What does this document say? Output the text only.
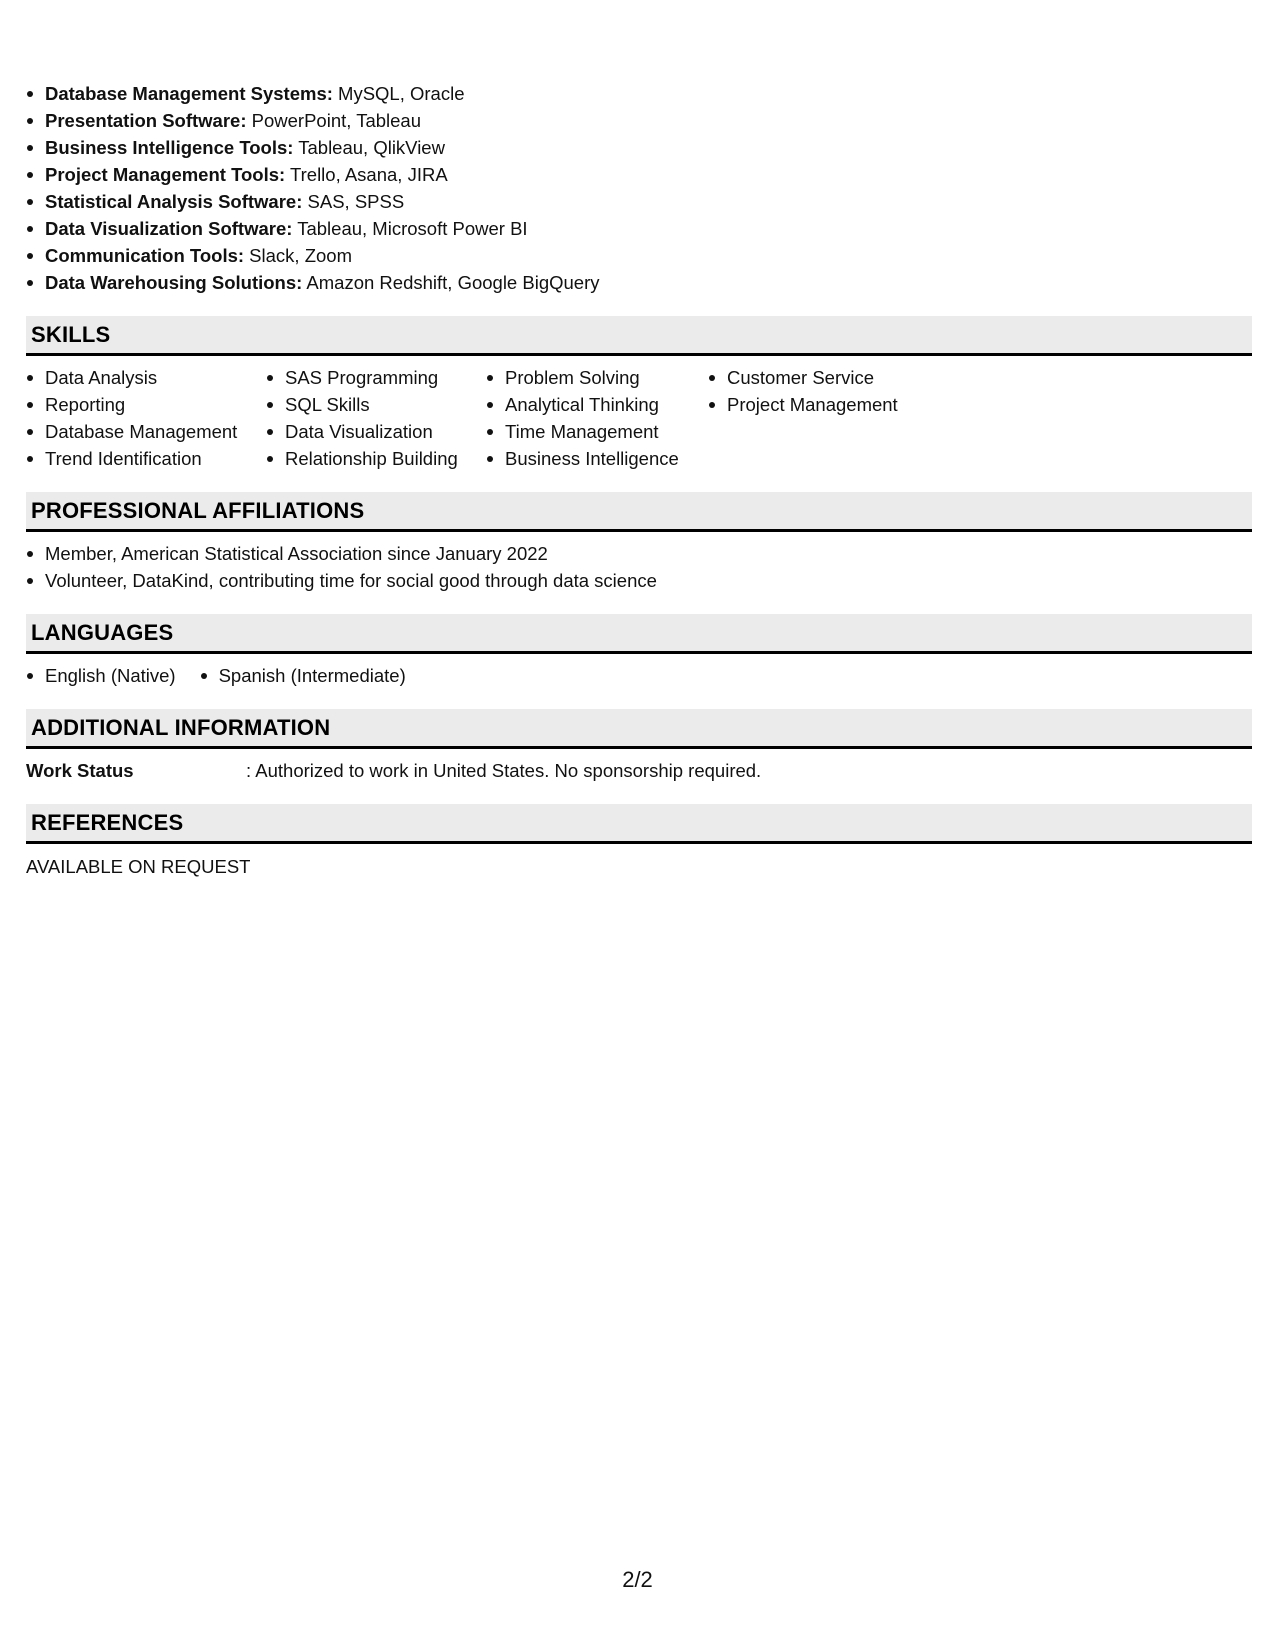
Database Management Systems: MySQL, Oracle
Presentation Software: PowerPoint, Tableau
Business Intelligence Tools: Tableau, QlikView
Project Management Tools: Trello, Asana, JIRA
Statistical Analysis Software: SAS, SPSS
Data Visualization Software: Tableau, Microsoft Power BI
Communication Tools: Slack, Zoom
Data Warehousing Solutions: Amazon Redshift, Google BigQuery
SKILLS
Data Analysis
Reporting
Database Management
Trend Identification
SAS Programming
SQL Skills
Data Visualization
Relationship Building
Problem Solving
Analytical Thinking
Time Management
Business Intelligence
Customer Service
Project Management
PROFESSIONAL AFFILIATIONS
Member, American Statistical Association since January 2022
Volunteer, DataKind, contributing time for social good through data science
LANGUAGES
English (Native)	Spanish (Intermediate)
ADDITIONAL INFORMATION
Work Status	: Authorized to work in United States. No sponsorship required.
REFERENCES
AVAILABLE ON REQUEST
2/2
